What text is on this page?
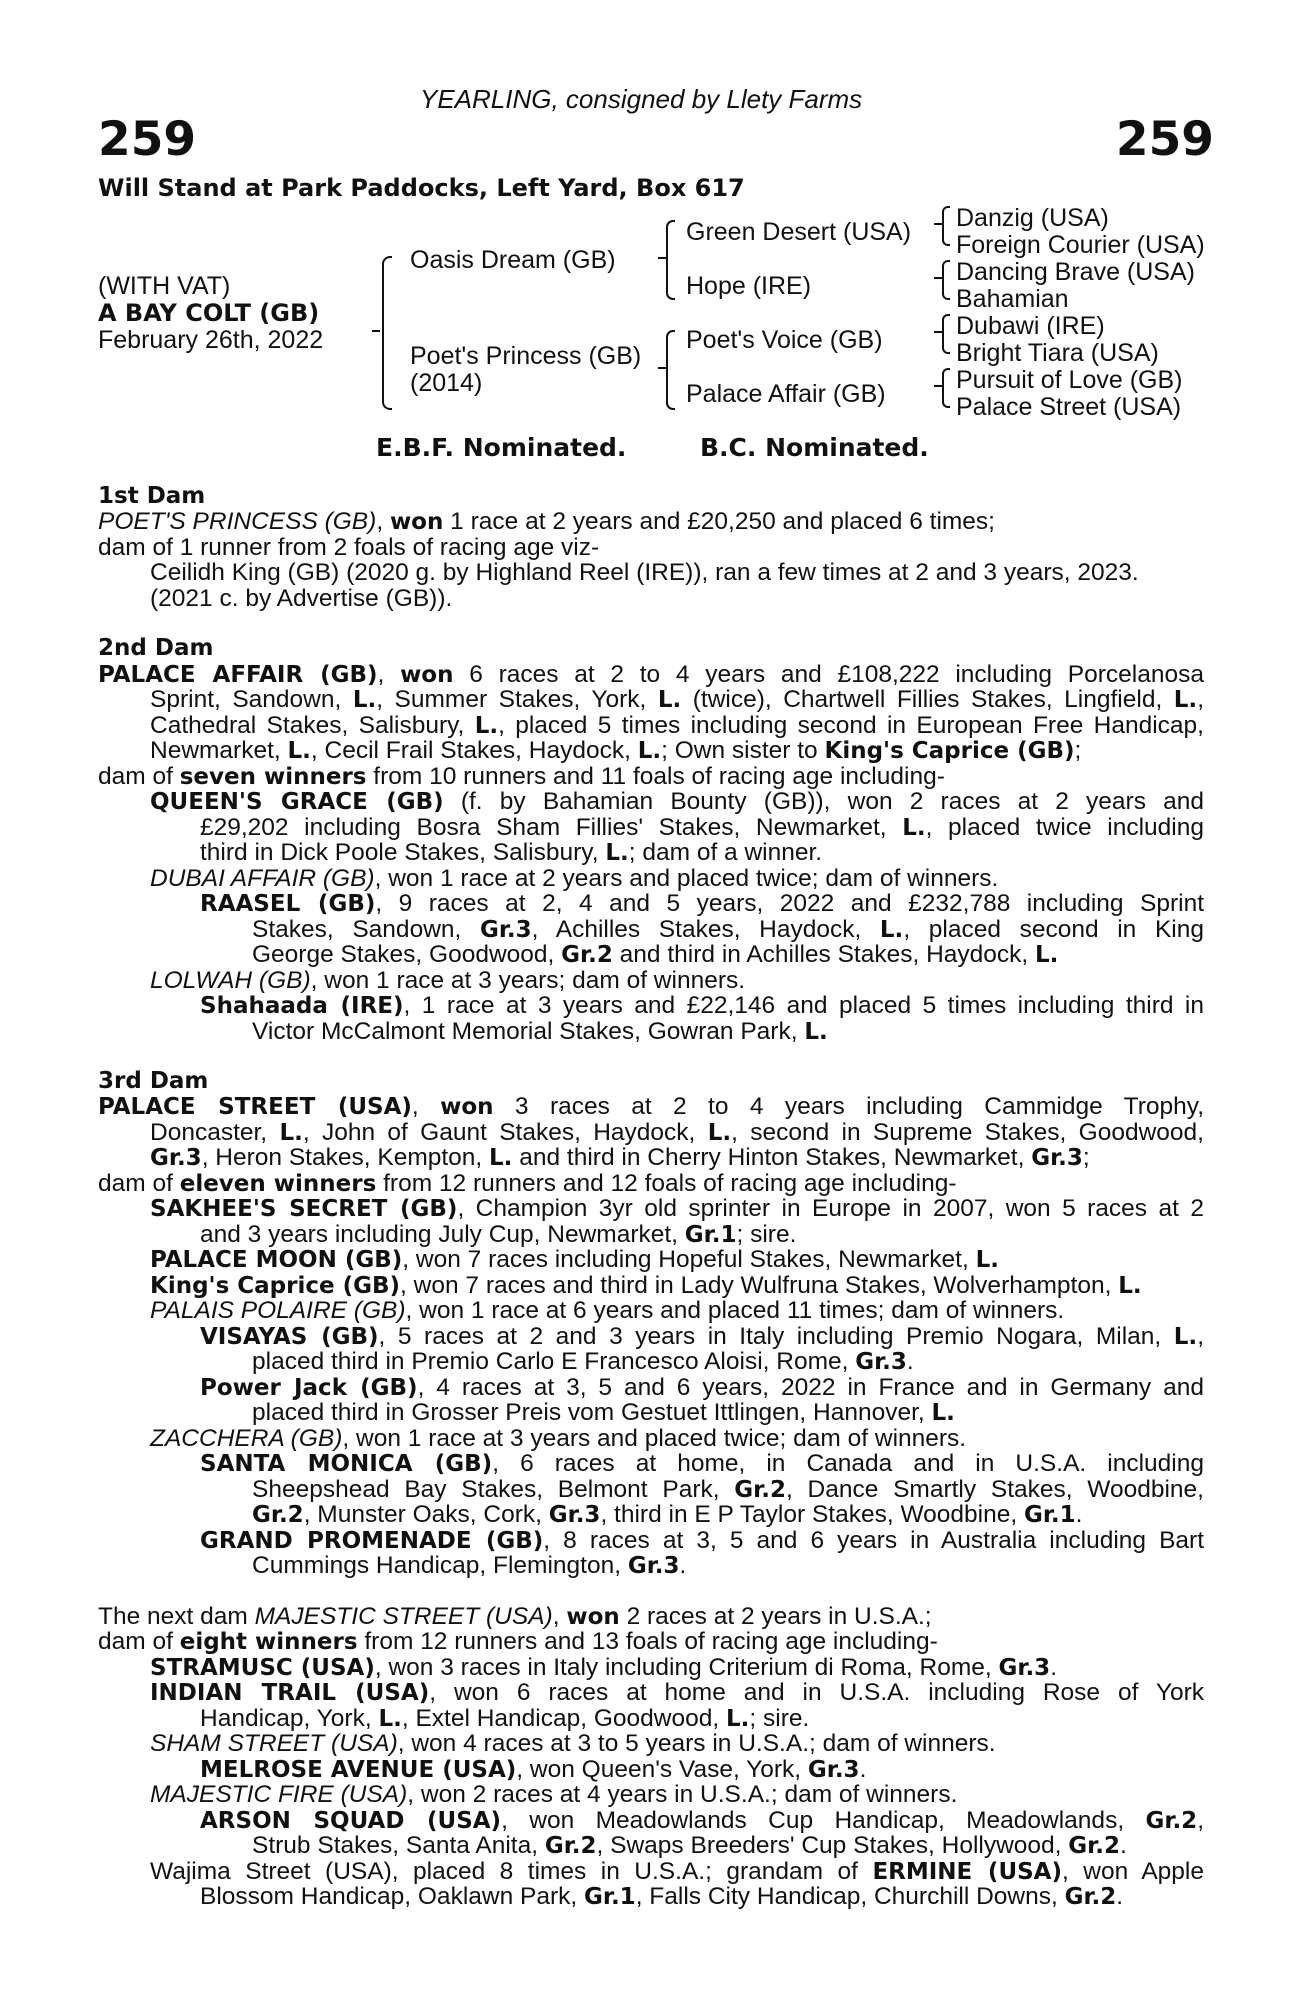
YEARLING, consigned by Llety Farms
259	259
Will Stand at Park Paddocks, Left Yard, Box 617
(WITH VAT)
A BAY COLT (GB)
February 26th, 2022
Oasis Dream (GB)
Poet's Princess (GB)
(2014)
Green Desert (USA)
Hope (IRE)
Poet's Voice (GB)
Palace Affair (GB)
Danzig (USA)
Foreign Courier (USA)
Dancing Brave (USA)
Bahamian
Dubawi (IRE)
Bright Tiara (USA)
Pursuit of Love (GB)
Palace Street (USA)
E.B.F. Nominated.	B.C. Nominated.
1st Dam
POET'S PRINCESS (GB), won 1 race at 2 years and £20,250 and placed 6 times;
dam of 1 runner from 2 foals of racing age viz-
Ceilidh King (GB) (2020 g. by Highland Reel (IRE)), ran a few times at 2 and 3 years, 2023.
(2021 c. by Advertise (GB)).
2nd Dam
PALACE AFFAIR (GB), won 6 races at 2 to 4 years and £108,222 including Porcelanosa
Sprint, Sandown, L., Summer Stakes, York, L. (twice), Chartwell Fillies Stakes, Lingfield, L.,
Cathedral Stakes, Salisbury, L., placed 5 times including second in European Free Handicap,
Newmarket, L., Cecil Frail Stakes, Haydock, L.; Own sister to King's Caprice (GB);
dam of seven winners from 10 runners and 11 foals of racing age including-
QUEEN'S GRACE (GB) (f. by Bahamian Bounty (GB)), won 2 races at 2 years and
£29,202 including Bosra Sham Fillies' Stakes, Newmarket, L., placed twice including
third in Dick Poole Stakes, Salisbury, L.; dam of a winner.
DUBAI AFFAIR (GB), won 1 race at 2 years and placed twice; dam of winners.
RAASEL (GB), 9 races at 2, 4 and 5 years, 2022 and £232,788 including Sprint
Stakes, Sandown, Gr.3, Achilles Stakes, Haydock, L., placed second in King
George Stakes, Goodwood, Gr.2 and third in Achilles Stakes, Haydock, L.
LOLWAH (GB), won 1 race at 3 years; dam of winners.
Shahaada (IRE), 1 race at 3 years and £22,146 and placed 5 times including third in
Victor McCalmont Memorial Stakes, Gowran Park, L.
3rd Dam
PALACE STREET (USA), won 3 races at 2 to 4 years including Cammidge Trophy,
Doncaster, L., John of Gaunt Stakes, Haydock, L., second in Supreme Stakes, Goodwood,
Gr.3, Heron Stakes, Kempton, L. and third in Cherry Hinton Stakes, Newmarket, Gr.3;
dam of eleven winners from 12 runners and 12 foals of racing age including-
SAKHEE'S SECRET (GB), Champion 3yr old sprinter in Europe in 2007, won 5 races at 2
and 3 years including July Cup, Newmarket, Gr.1; sire.
PALACE MOON (GB), won 7 races including Hopeful Stakes, Newmarket, L.
King's Caprice (GB), won 7 races and third in Lady Wulfruna Stakes, Wolverhampton, L.
PALAIS POLAIRE (GB), won 1 race at 6 years and placed 11 times; dam of winners.
VISAYAS (GB), 5 races at 2 and 3 years in Italy including Premio Nogara, Milan, L.,
placed third in Premio Carlo E Francesco Aloisi, Rome, Gr.3.
Power Jack (GB), 4 races at 3, 5 and 6 years, 2022 in France and in Germany and
placed third in Grosser Preis vom Gestuet Ittlingen, Hannover, L.
ZACCHERA (GB), won 1 race at 3 years and placed twice; dam of winners.
SANTA MONICA (GB), 6 races at home, in Canada and in U.S.A. including
Sheepshead Bay Stakes, Belmont Park, Gr.2, Dance Smartly Stakes, Woodbine,
Gr.2, Munster Oaks, Cork, Gr.3, third in E P Taylor Stakes, Woodbine, Gr.1.
GRAND PROMENADE (GB), 8 races at 3, 5 and 6 years in Australia including Bart
Cummings Handicap, Flemington, Gr.3.
The next dam MAJESTIC STREET (USA), won 2 races at 2 years in U.S.A.;
dam of eight winners from 12 runners and 13 foals of racing age including-
STRAMUSC (USA), won 3 races in Italy including Criterium di Roma, Rome, Gr.3.
INDIAN TRAIL (USA), won 6 races at home and in U.S.A. including Rose of York
Handicap, York, L., Extel Handicap, Goodwood, L.; sire.
SHAM STREET (USA), won 4 races at 3 to 5 years in U.S.A.; dam of winners.
MELROSE AVENUE (USA), won Queen's Vase, York, Gr.3.
MAJESTIC FIRE (USA), won 2 races at 4 years in U.S.A.; dam of winners.
ARSON SQUAD (USA), won Meadowlands Cup Handicap, Meadowlands, Gr.2,
Strub Stakes, Santa Anita, Gr.2, Swaps Breeders' Cup Stakes, Hollywood, Gr.2.
Wajima Street (USA), placed 8 times in U.S.A.; grandam of ERMINE (USA), won Apple
Blossom Handicap, Oaklawn Park, Gr.1, Falls City Handicap, Churchill Downs, Gr.2.
